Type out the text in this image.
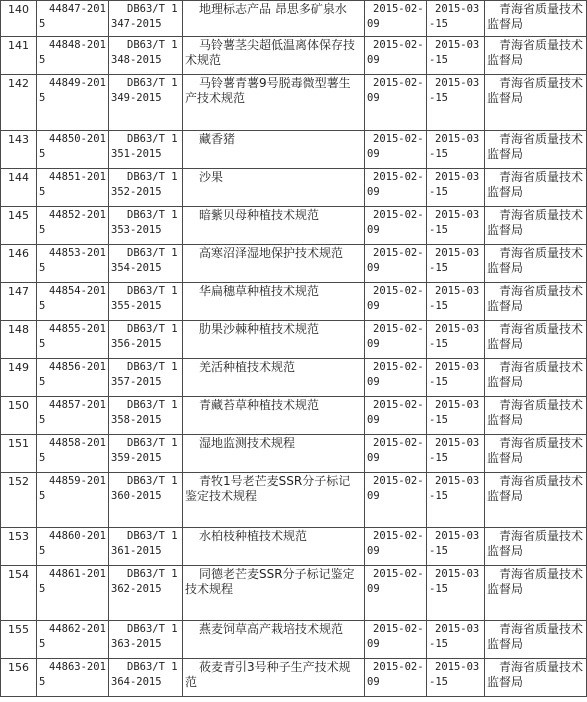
140	44847-2015	DB63/T 1347-2015	地理标志产品 昂思多矿泉水	2015-02-09	2015-03-15	青海省质量技术监督局
141	44848-2015	DB63/T 1348-2015	马铃薯茎尖超低温离体保存技术规范	2015-02-09	2015-03-15	青海省质量技术监督局
142	44849-2015	DB63/T 1349-2015	马铃薯青薯9号脱毒微型薯生产技术规范	2015-02-09	2015-03-15	青海省质量技术监督局
143	44850-2015	DB63/T 1351-2015	藏香猪	2015-02-09	2015-03-15	青海省质量技术监督局
144	44851-2015	DB63/T 1352-2015	沙果	2015-02-09	2015-03-15	青海省质量技术监督局
145	44852-2015	DB63/T 1353-2015	暗紫贝母种植技术规范	2015-02-09	2015-03-15	青海省质量技术监督局
146	44853-2015	DB63/T 1354-2015	高寒沼泽湿地保护技术规范	2015-02-09	2015-03-15	青海省质量技术监督局
147	44854-2015	DB63/T 1355-2015	华扁穗草种植技术规范	2015-02-09	2015-03-15	青海省质量技术监督局
148	44855-2015	DB63/T 1356-2015	肋果沙棘种植技术规范	2015-02-09	2015-03-15	青海省质量技术监督局
149	44856-2015	DB63/T 1357-2015	羌活种植技术规范	2015-02-09	2015-03-15	青海省质量技术监督局
150	44857-2015	DB63/T 1358-2015	青藏苔草种植技术规范	2015-02-09	2015-03-15	青海省质量技术监督局
151	44858-2015	DB63/T 1359-2015	湿地监测技术规程	2015-02-09	2015-03-15	青海省质量技术监督局
152	44859-2015	DB63/T 1360-2015	青牧1号老芒麦SSR分子标记鉴定技术规程	2015-02-09	2015-03-15	青海省质量技术监督局
153	44860-2015	DB63/T 1361-2015	水柏枝种植技术规范	2015-02-09	2015-03-15	青海省质量技术监督局
154	44861-2015	DB63/T 1362-2015	同德老芒麦SSR分子标记鉴定技术规程	2015-02-09	2015-03-15	青海省质量技术监督局
155	44862-2015	DB63/T 1363-2015	燕麦饲草高产栽培技术规范	2015-02-09	2015-03-15	青海省质量技术监督局
156	44863-2015	DB63/T 1364-2015	莜麦青引3号种子生产技术规范	2015-02-09	2015-03-15	青海省质量技术监督局
